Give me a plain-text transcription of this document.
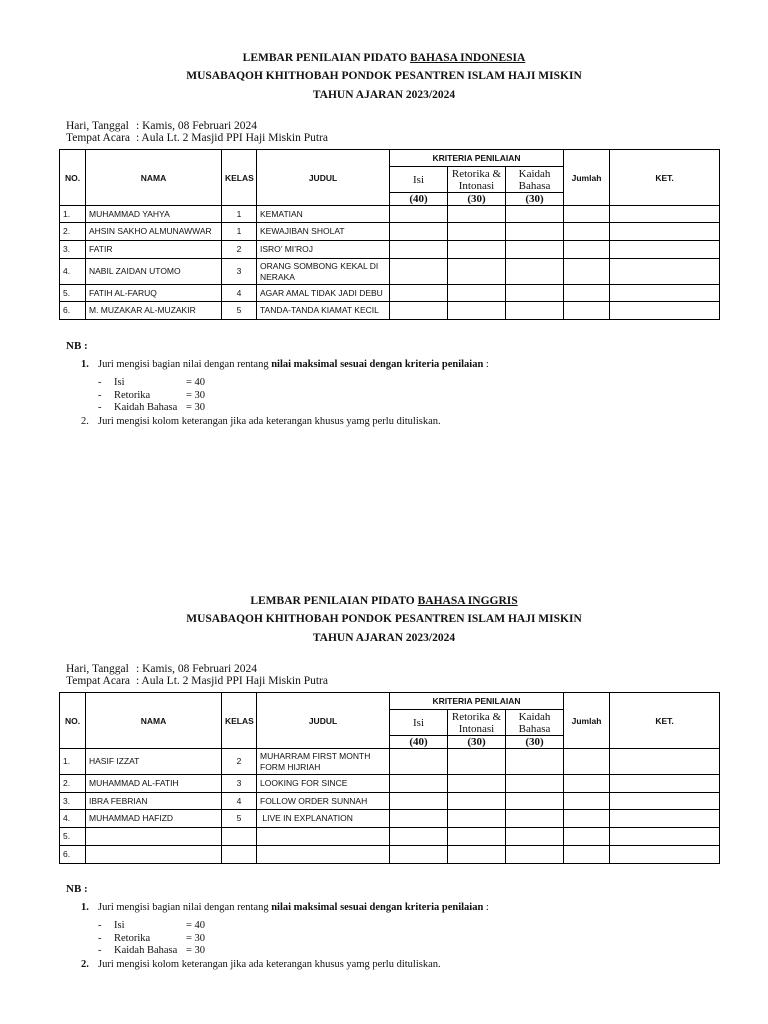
LEMBAR PENILAIAN PIDATO BAHASA INDONESIA
MUSABAQOH KHITHOBAH PONDOK PESANTREN ISLAM HAJI MISKIN
TAHUN AJARAN 2023/2024
Hari, Tanggal : Kamis, 08 Februari 2024
Tempat Acara : Aula Lt. 2 Masjid PPI Haji Miskin Putra
NO.	NAMA	KELAS	JUDUL	KRITERIA PENILAIAN			Jumlah	KET.
				Isi	Retorika & Intonasi	Kaidah Bahasa		
				(40)	(30)	(30)		
1.	MUHAMMAD YAHYA	1	KEMATIAN					
2.	AHSIN SAKHO ALMUNAWWAR	1	KEWAJIBAN SHOLAT					
3.	FATIR	2	ISRO’ MI’ROJ					
4.	NABIL ZAIDAN UTOMO	3	ORANG SOMBONG KEKAL DI NERAKA					
5.	FATIH AL-FARUQ	4	AGAR AMAL TIDAK JADI DEBU					
6.	M. MUZAKAR AL-MUZAKIR	5	TANDA-TANDA KIAMAT KECIL					
NB :
1. Juri mengisi bagian nilai dengan rentang nilai maksimal sesuai dengan kriteria penilaian :
- Isi	= 40
- Retorika	= 30
- Kaidah Bahasa = 30
2. Juri mengisi kolom keterangan jika ada keterangan khusus yamg perlu dituliskan.
LEMBAR PENILAIAN PIDATO BAHASA INGGRIS
MUSABAQOH KHITHOBAH PONDOK PESANTREN ISLAM HAJI MISKIN
TAHUN AJARAN 2023/2024
Hari, Tanggal : Kamis, 08 Februari 2024
Tempat Acara : Aula Lt. 2 Masjid PPI Haji Miskin Putra
NO.	NAMA	KELAS	JUDUL	KRITERIA PENILAIAN			Jumlah	KET.
				Isi	Retorika & Intonasi	Kaidah Bahasa		
				(40)	(30)	(30)		
1.	HASIF IZZAT	2	MUHARRAM FIRST MONTH FORM HIJRIAH					
2.	MUHAMMAD AL-FATIH	3	LOOKING FOR SINCE					
3.	IBRA FEBRIAN	4	FOLLOW ORDER SUNNAH					
4.	MUHAMMAD HAFIZD	5	LIVE IN EXPLANATION					
5.								
6.								
NB :
1. Juri mengisi bagian nilai dengan rentang nilai maksimal sesuai dengan kriteria penilaian :
- Isi	= 40
- Retorika	= 30
- Kaidah Bahasa = 30
2. Juri mengisi kolom keterangan jika ada keterangan khusus yamg perlu dituliskan.
